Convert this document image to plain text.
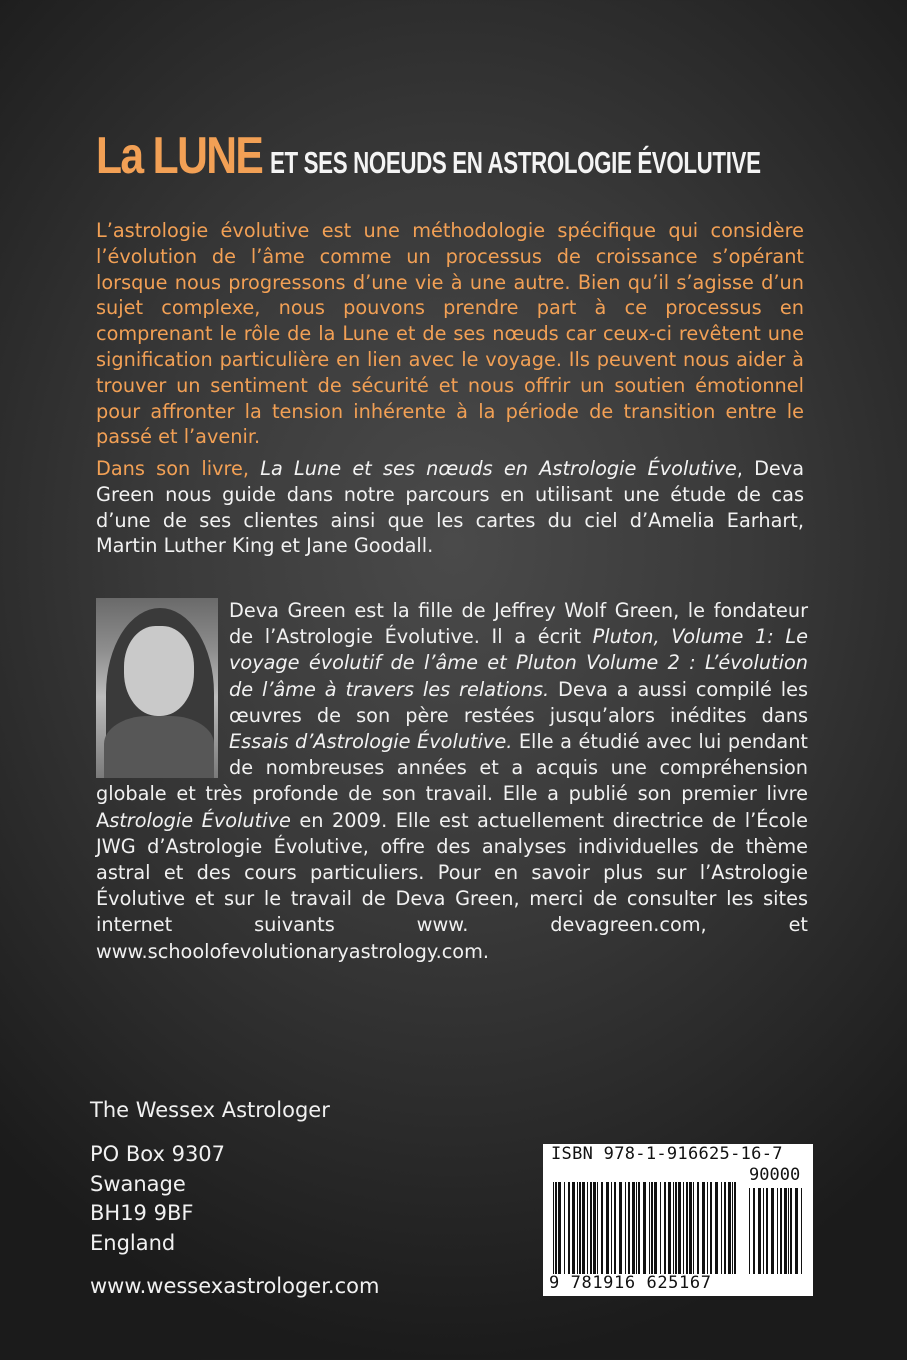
La LUNE ET SES NOEUDS EN ASTROLOGIE ÉVOLUTIVE

L’astrologie évolutive est une méthodologie spécifique qui considère l’évolution de l’âme comme un processus de croissance s’opérant lorsque nous progressons d’une vie à une autre. Bien qu’il s’agisse d’un sujet complexe, nous pouvons prendre part à ce processus en comprenant le rôle de la Lune et de ses nœuds car ceux-ci revêtent une signification particulière en lien avec le voyage. Ils peuvent nous aider à trouver un sentiment de sécurité et nous offrir un soutien émotionnel pour affronter la tension inhérente à la période de transition entre le passé et l’avenir.

Dans son livre, La Lune et ses nœuds en Astrologie Évolutive, Deva Green nous guide dans notre parcours en utilisant une étude de cas d’une de ses clientes ainsi que les cartes du ciel d’Amelia Earhart, Martin Luther King et Jane Goodall.

Deva Green est la fille de Jeffrey Wolf Green, le fondateur de l’Astrologie Évolutive. Il a écrit Pluton, Volume 1: Le voyage évolutif de l’âme et Pluton Volume 2 : L’évolution de l’âme à travers les relations. Deva a aussi compilé les œuvres de son père restées jusqu’alors inédites dans Essais d’Astrologie Évolutive. Elle a étudié avec lui pendant de nombreuses années et a acquis une compréhension globale et très profonde de son travail. Elle a publié son premier livre Astrologie Évolutive en 2009. Elle est actuellement directrice de l’École JWG d’Astrologie Évolutive, offre des analyses individuelles de thème astral et des cours particuliers. Pour en savoir plus sur l’Astrologie Évolutive et sur le travail de Deva Green, merci de consulter les sites internet suivants www. devagreen.com, et www.schoolofevolutionaryastrology.com.

The Wessex Astrologer
PO Box 9307
Swanage
BH19 9BF
England
www.wessexastrologer.com
ISBN 978-1-916625-16-7
90000
9 781916 625167
